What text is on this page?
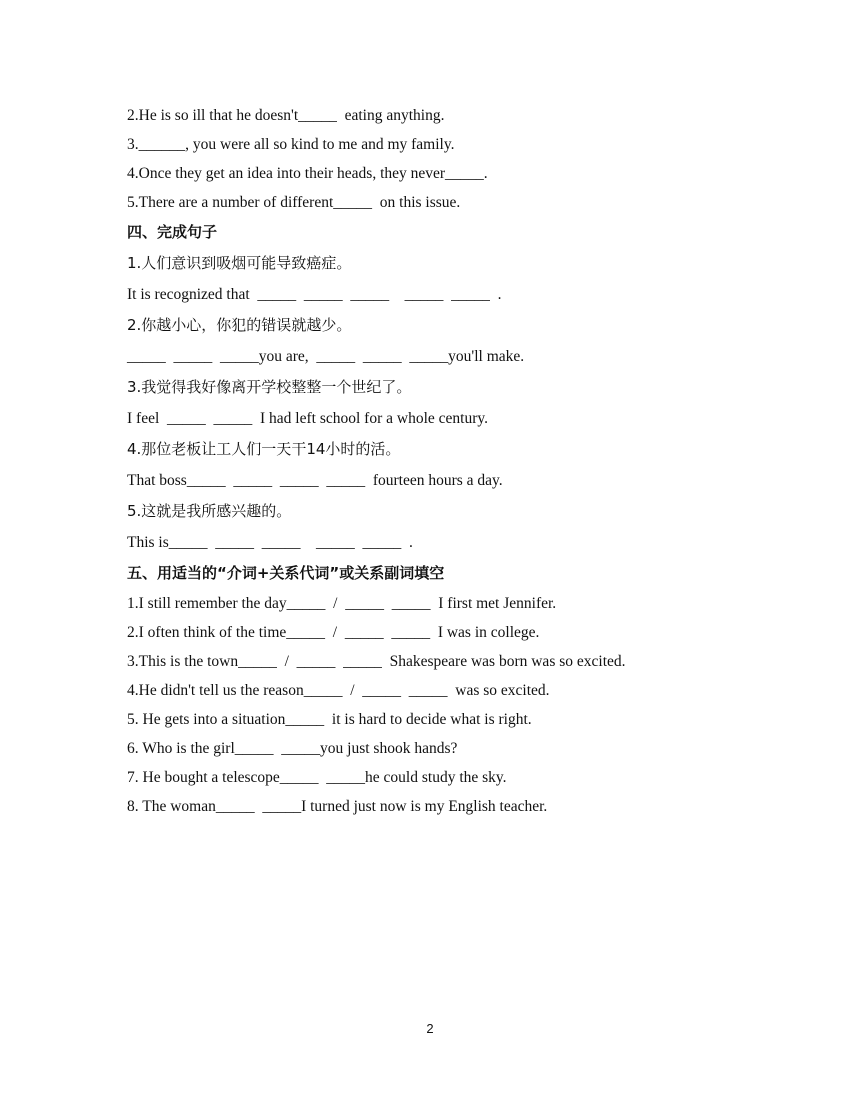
2.He is so ill that he doesn't_____  eating anything.
3.______, you were all so kind to me and my family.
4.Once they get an idea into their heads, they never_____.
5.There are a number of different_____  on this issue.
四、完成句子
1.人们意识到吸烟可能导致癌症。
It is recognized that  _____  _____  _____    _____  _____  .
2.你越小心，你犯的错误就越少。
_____  _____  _____you are,  _____  _____  _____you'll make.
3.我觉得我好像离开学校整整一个世纪了。
I feel  _____  _____  I had left school for a whole century.
4.那位老板让工人们一天干14小时的活。
That boss_____  _____  _____  _____  fourteen hours a day.
5.这就是我所感兴趣的。
This is_____  _____  _____    _____  _____  .
五、用适当的“介词+关系代词”或关系副词填空
1.I still remember the day_____  /  _____  _____  I first met Jennifer.
2.I often think of the time_____  /  _____  _____  I was in college.
3.This is the town_____  /  _____  _____  Shakespeare was born was so excited.
4.He didn't tell us the reason_____  /  _____  _____  was so excited.
5. He gets into a situation_____  it is hard to decide what is right.
6. Who is the girl_____  _____you just shook hands?
7. He bought a telescope_____  _____he could study the sky.
8. The woman_____  _____I turned just now is my English teacher.
2
